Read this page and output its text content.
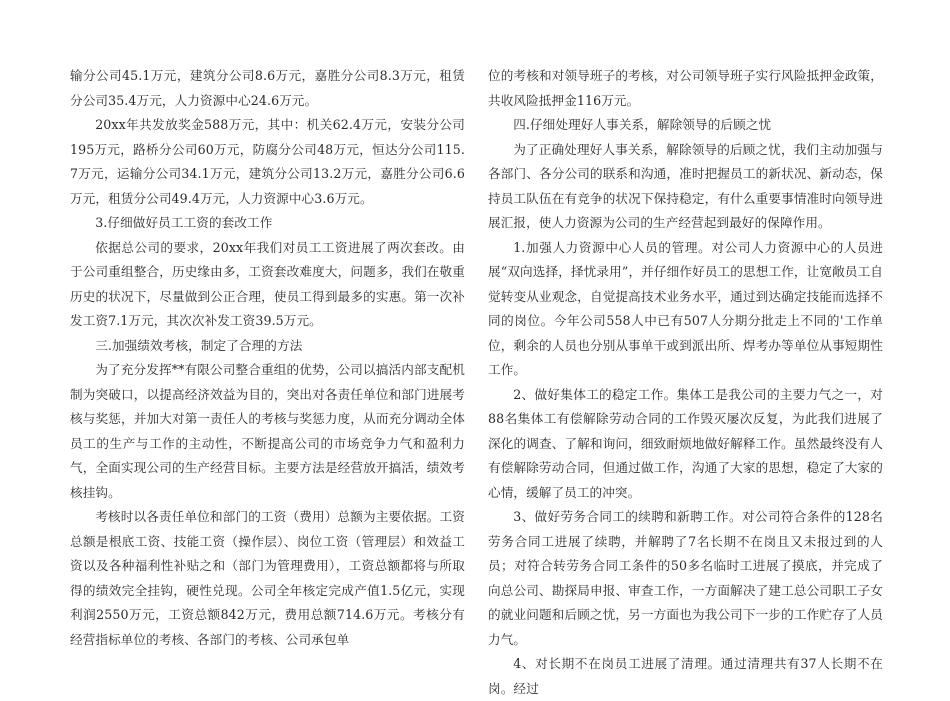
输分公司45.1万元，建筑分公司8.6万元，嘉胜分公司8.3万元，租赁分公司35.4万元，人力资源中心24.6万元。

20xx年共发放奖金588万元，其中：机关62.4万元，安装分公司195万元，路桥分公司60万元，防腐分公司48万元，恒达分公司115.7万元，运输分公司34.1万元，建筑分公司13.2万元，嘉胜分公司6.6万元，租赁分公司49.4万元，人力资源中心3.6万元。

3.仔细做好员工工资的套改工作

依据总公司的要求，20xx年我们对员工工资进展了两次套改。由于公司重组整合，历史缘由多，工资套改难度大，问题多，我们在敬重历史的状况下，尽量做到公正合理，使员工得到最多的实惠。第一次补发工资7.1万元，其次次补发工资39.5万元。

三.加强绩效考核，制定了合理的方法

为了充分发挥**有限公司整合重组的优势，公司以搞活内部支配机制为突破口，以提高经济效益为目的，突出对各责任单位和部门进展考核与奖惩，并加大对第一责任人的考核与奖惩力度，从而充分调动全体员工的生产与工作的主动性，不断提高公司的市场竞争力气和盈利力气，全面实现公司的生产经营目标。主要方法是经营放开搞活，绩效考核挂钩。

考核时以各责任单位和部门的工资（费用）总额为主要依据。工资总额是根底工资、技能工资（操作层）、岗位工资（管理层）和效益工资以及各种福利性补贴之和（部门为管理费用），工资总额都将与所取得的绩效完全挂钩，硬性兑现。公司全年核定完成产值1.5亿元，实现利润2550万元，工资总额842万元，费用总额714.6万元。考核分有经营指标单位的考核、各部门的考核、公司承包单

位的考核和对领导班子的考核，对公司领导班子实行风险抵押金政策，共收风险抵押金116万元。

四.仔细处理好人事关系，解除领导的后顾之忧

为了正确处理好人事关系，解除领导的后顾之忧，我们主动加强与各部门、各分公司的联系和沟通，准时把握员工的新状况、新动态，保持员工队伍在有竞争的状况下保持稳定，有什么重要事情准时向领导进展汇报，使人力资源为公司的生产经营起到最好的保障作用。

1.加强人力资源中心人员的管理。对公司人力资源中心的人员进展“双向选择，择忧录用”，并仔细作好员工的思想工作，让宽敞员工自觉转变从业观念，自觉提高技术业务水平，通过到达确定技能而选择不同的岗位。今年公司558人中已有507人分期分批走上不同的'工作单位，剩余的人员也分别从事单干或到派出所、焊考办等单位从事短期性工作。

2、做好集体工的稳定工作。集体工是我公司的主要力气之一，对88名集体工有偿解除劳动合同的工作毁灭屡次反复，为此我们进展了深化的调查、了解和询问，细致耐烦地做好解释工作。虽然最终没有人有偿解除劳动合同，但通过做工作，沟通了大家的思想，稳定了大家的心情，缓解了员工的冲突。

3、做好劳务合同工的续聘和新聘工作。对公司符合条件的128名劳务合同工进展了续聘，并解聘了7名长期不在岗且又未报过到的人员；对符合转劳务合同工条件的50多名临时工进展了摸底，并完成了向总公司、勘探局申报、审查工作，一方面解决了建工总公司职工子女的就业问题和后顾之忧，另一方面也为我公司下一步的工作贮存了人员力气。

4、对长期不在岗员工进展了清理。通过清理共有37人长期不在岗。经过
